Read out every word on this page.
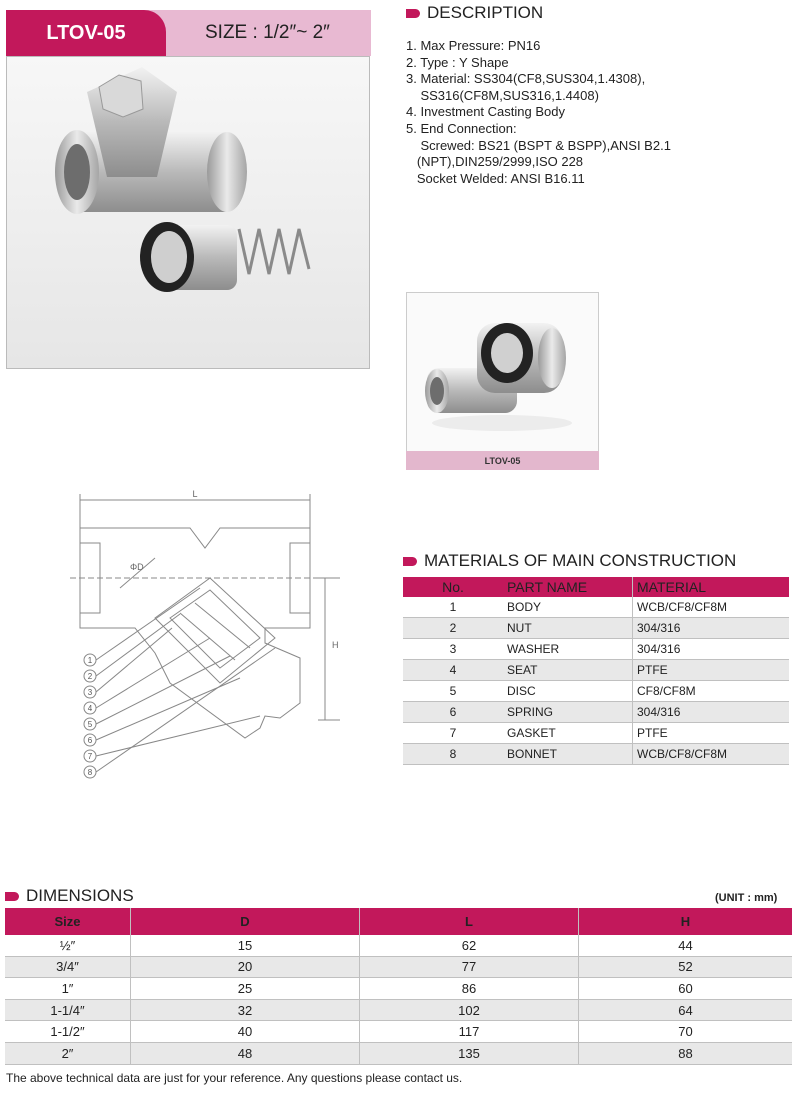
LTOV-05	SIZE : 1/2″~ 2″
DESCRIPTION
1. Max Pressure: PN16
2. Type : Y Shape
3. Material: SS304(CF8,SUS304,1.4308),
SS316(CF8M,SUS316,1.4408)
4. Investment Casting Body
5. End Connection:
Screwed: BS21 (BSPT & BSPP),ANSI B2.1
(NPT),DIN259/2999,ISO 228
Socket Welded: ANSI B16.11
LTOV-05
L
H
ΦD
1
2
3
4
5
6
7
8
MATERIALS OF MAIN CONSTRUCTION
No.	PART NAME	MATERIAL
1	BODY	WCB/CF8/CF8M
2	NUT	304/316
3	WASHER	304/316
4	SEAT	PTFE
5	DISC	CF8/CF8M
6	SPRING	304/316
7	GASKET	PTFE
8	BONNET	WCB/CF8/CF8M
DIMENSIONS	(UNIT : mm)
Size	D	L	H
½″	15	62	44
3/4″	20	77	52
1″	25	86	60
1-1/4″	32	102	64
1-1/2″	40	117	70
2″	48	135	88
The above technical data are just for your reference. Any questions please contact us.
